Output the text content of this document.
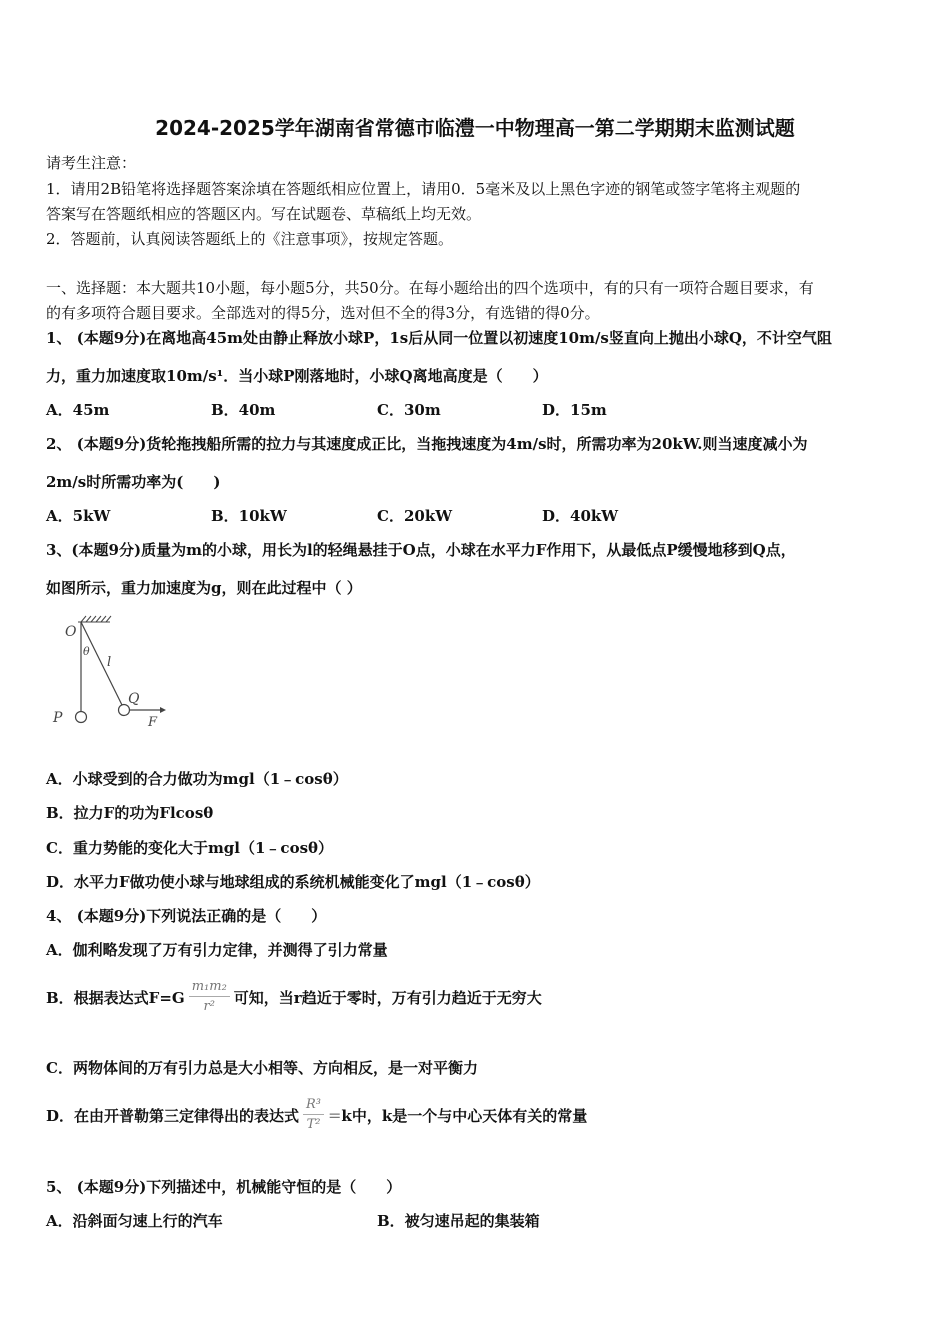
2024-2025学年湖南省常德市临澧一中物理高一第二学期期末监测试题
请考生注意：
1．请用2B铅笔将选择题答案涂填在答题纸相应位置上，请用0．5毫米及以上黑色字迹的钢笔或签字笔将主观题的
答案写在答题纸相应的答题区内。写在试题卷、草稿纸上均无效。
2．答题前，认真阅读答题纸上的《注意事项》，按规定答题。
一、选择题：本大题共10小题，每小题5分，共50分。在每小题给出的四个选项中，有的只有一项符合题目要求，有
的有多项符合题目要求。全部选对的得5分，选对但不全的得3分，有选错的得0分。
1、 (本题9分)在离地高45m处由静止释放小球P，1s后从同一位置以初速度10m/s竖直向上抛出小球Q，不计空气阻
力，重力加速度取10m/s¹．当小球P刚落地时，小球Q离地高度是（　　）
A．45m	B．40m	C．30m	D．15m
2、 (本题9分)货轮拖拽船所需的拉力与其速度成正比，当拖拽速度为4m/s时，所需功率为20kW.则当速度减小为
2m/s时所需功率为(　　)
A．5kW	B．10kW	C．20kW	D．40kW
3、(本题9分)质量为m的小球，用长为l的轻绳悬挂于O点，小球在水平力F作用下，从最低点P缓慢地移到Q点，
如图所示，重力加速度为g，则在此过程中（ ）
O
θ
l
Q
P	F
A．小球受到的合力做功为mgl（1﹣cosθ）
B．拉力F的功为Flcosθ
C．重力势能的变化大于mgl（1﹣cosθ）
D．水平力F做功使小球与地球组成的系统机械能变化了mgl（1﹣cosθ）
4、 (本题9分)下列说法正确的是（　　）
A．伽利略发现了万有引力定律，并测得了引力常量
B．根据表达式$F=G \frac{\text{m₁m₂}}{\text{r²}}$ 可知，当r趋近于零时，万有引力趋近于无穷大
C．两物体间的万有引力总是大小相等、方向相反，是一对平衡力
D．在由开普勒第三定律得出的表达式 $\frac{\text{R³}}{\text{T²}} = k$中，k是一个与中心天体有关的常量
5、 (本题9分)下列描述中，机械能守恒的是（　　）
A．沿斜面匀速上行的汽车	B．被匀速吊起的集装箱
